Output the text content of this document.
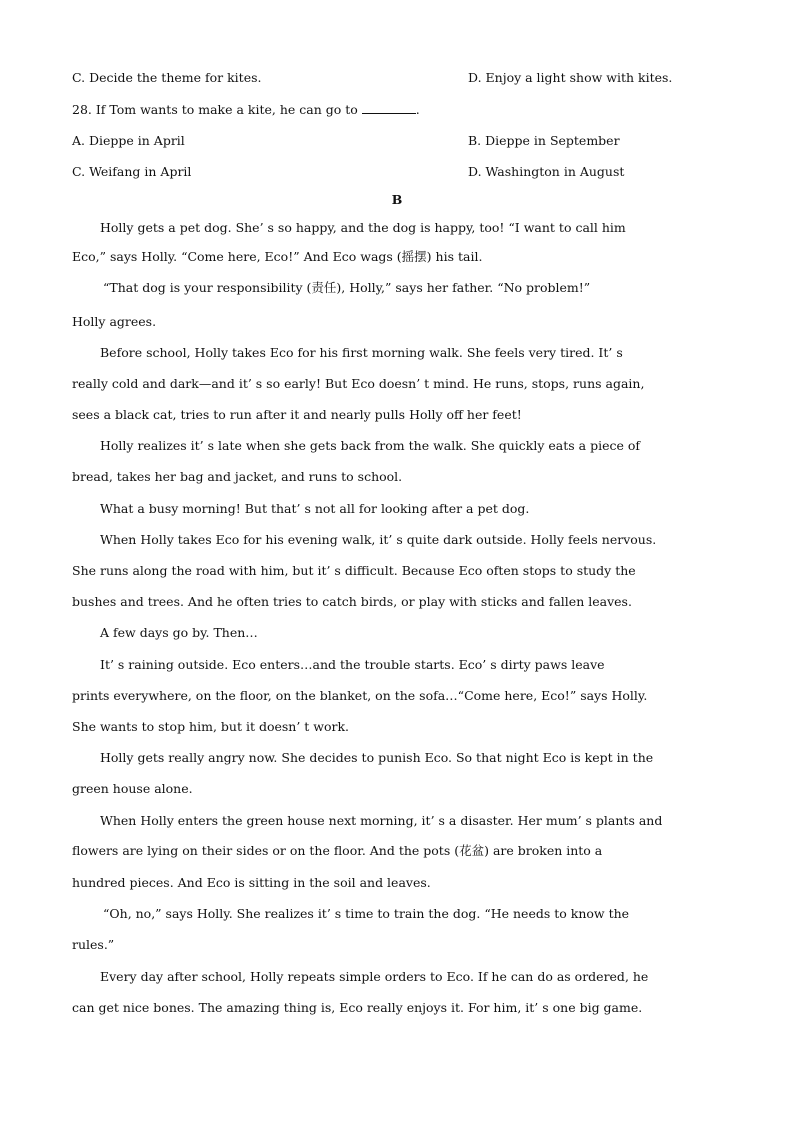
C. Decide the theme for kites.	D. Enjoy a light show with kites.
28. If Tom wants to make a kite, he can go to	.
A. Dieppe in April	B. Dieppe in September
C. Weifang in April	D. Washington in August
B
Holly gets a pet dog. She’ s so happy, and the dog is happy, too! “I want to call him
Eco,” says Holly. “Come here, Eco!” And Eco wags (摇摆) his tail.
“That dog is your responsibility (责任), Holly,” says her father. “No problem!”
Holly agrees.
Before school, Holly takes Eco for his first morning walk. She feels very tired. It’ s
really cold and dark—and it’ s so early! But Eco doesn’ t mind. He runs, stops, runs again,
sees a black cat, tries to run after it and nearly pulls Holly off her feet!
Holly realizes it’ s late when she gets back from the walk. She quickly eats a piece of
bread, takes her bag and jacket, and runs to school.
What a busy morning! But that’ s not all for looking after a pet dog.
When Holly takes Eco for his evening walk, it’ s quite dark outside. Holly feels nervous.
She runs along the road with him, but it’ s difficult. Because Eco often stops to study the
bushes and trees. And he often tries to catch birds, or play with sticks and fallen leaves.
A few days go by. Then…
It’ s raining outside. Eco enters…and the trouble starts. Eco’ s dirty paws leave
prints everywhere, on the floor, on the blanket, on the sofa…“Come here, Eco!” says Holly.
She wants to stop him, but it doesn’ t work.
Holly gets really angry now. She decides to punish Eco. So that night Eco is kept in the
green house alone.
When Holly enters the green house next morning, it’ s a disaster. Her mum’ s plants and
flowers are lying on their sides or on the floor. And the pots (花盆) are broken into a
hundred pieces. And Eco is sitting in the soil and leaves.
“Oh, no,” says Holly. She realizes it’ s time to train the dog. “He needs to know the
rules.”
Every day after school, Holly repeats simple orders to Eco. If he can do as ordered, he
can get nice bones. The amazing thing is, Eco really enjoys it. For him, it’ s one big game.
